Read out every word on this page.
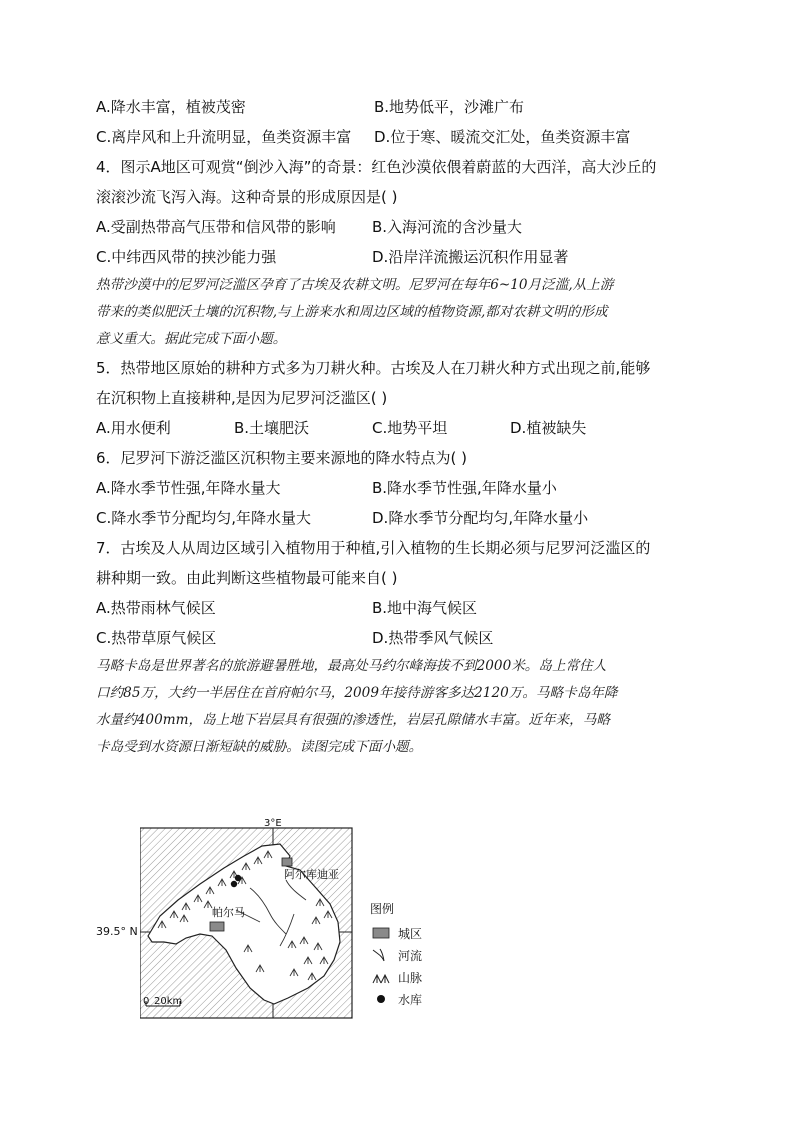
A.降水丰富，植被茂密	B.地势低平，沙滩广布
C.离岸风和上升流明显，鱼类资源丰富	D.位于寒、暖流交汇处，鱼类资源丰富
4．图示A地区可观赏“倒沙入海”的奇景：红色沙漠依偎着蔚蓝的大西洋，高大沙丘的
滚滚沙流飞泻入海。这种奇景的形成原因是( )
A.受副热带高气压带和信风带的影响	B.入海河流的含沙量大
C.中纬西风带的挟沙能力强	D.沿岸洋流搬运沉积作用显著
热带沙漠中的尼罗河泛滥区孕育了古埃及农耕文明。尼罗河在每年6~10月泛滥,从上游
带来的类似肥沃土壤的沉积物,与上游来水和周边区域的植物资源,都对农耕文明的形成
意义重大。据此完成下面小题。
5．热带地区原始的耕种方式多为刀耕火种。古埃及人在刀耕火种方式出现之前,能够
在沉积物上直接耕种,是因为尼罗河泛滥区( )
A.用水便利	B.土壤肥沃	C.地势平坦	D.植被缺失
6．尼罗河下游泛滥区沉积物主要来源地的降水特点为( )
A.降水季节性强,年降水量大	B.降水季节性强,年降水量小
C.降水季节分配均匀,年降水量大	D.降水季节分配均匀,年降水量小
7．古埃及人从周边区域引入植物用于种植,引入植物的生长期必须与尼罗河泛滥区的
耕种期一致。由此判断这些植物最可能来自( )
A.热带雨林气候区	B.地中海气候区
C.热带草原气候区	D.热带季风气候区
马略卡岛是世界著名的旅游避暑胜地，最高处马约尔峰海拔不到2000米。岛上常住人
口约85万，大约一半居住在首府帕尔马，2009年接待游客多达2120万。马略卡岛年降
水量约400mm，岛上地下岩层具有很强的渗透性，岩层孔隙储水丰富。近年来，马略
卡岛受到水资源日渐短缺的威胁。读图完成下面小题。
阿尔库迪亚
帕尔马
3°E
0 20km
39.5° N
图例
城区
河流
山脉
水库
